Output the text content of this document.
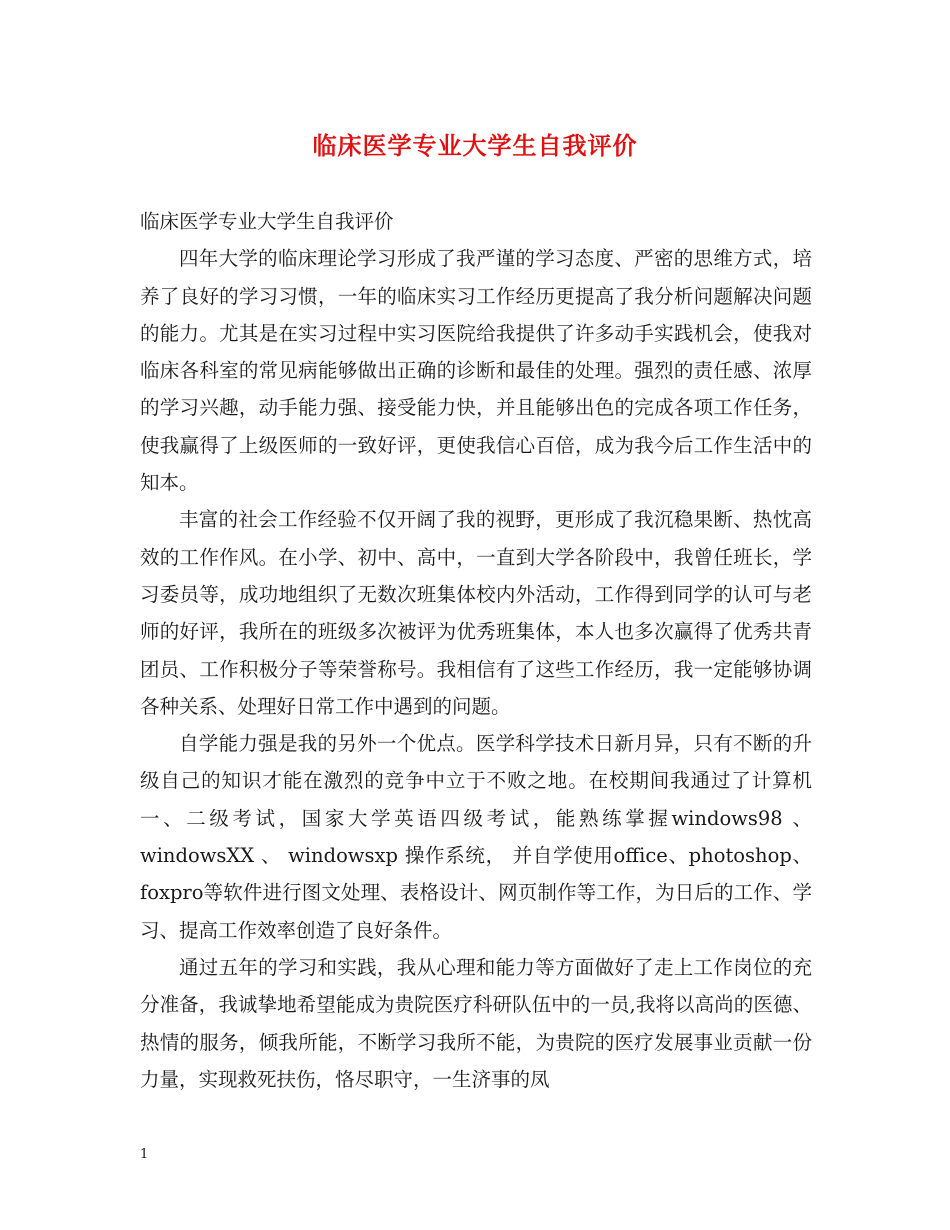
临床医学专业大学生自我评价

临床医学专业大学生自我评价

四年大学的临床理论学习形成了我严谨的学习态度、严密的思维方式，培养了良好的学习习惯，一年的临床实习工作经历更提高了我分析问题解决问题的能力。尤其是在实习过程中实习医院给我提供了许多动手实践机会，使我对临床各科室的常见病能够做出正确的诊断和最佳的处理。强烈的责任感、浓厚的学习兴趣，动手能力强、接受能力快，并且能够出色的完成各项工作任务，使我赢得了上级医师的一致好评，更使我信心百倍，成为我今后工作生活中的知本。

丰富的社会工作经验不仅开阔了我的视野，更形成了我沉稳果断、热忱高效的工作作风。在小学、初中、高中，一直到大学各阶段中，我曾任班长，学习委员等，成功地组织了无数次班集体校内外活动，工作得到同学的认可与老师的好评，我所在的班级多次被评为优秀班集体，本人也多次赢得了优秀共青团员、工作积极分子等荣誉称号。我相信有了这些工作经历，我一定能够协调各种关系、处理好日常工作中遇到的问题。

自学能力强是我的另外一个优点。医学科学技术日新月异，只有不断的升级自己的知识才能在激烈的竞争中立于不败之地。在校期间我通过了计算机一、二级考试，国家大学英语四级考试，能熟练掌握windows98 、 windowsXX 、 windowsxp 操作系统， 并自学使用office、photoshop、foxpro等软件进行图文处理、表格设计、网页制作等工作，为日后的工作、学习、提高工作效率创造了良好条件。

通过五年的学习和实践，我从心理和能力等方面做好了走上工作岗位的充分准备，我诚挚地希望能成为贵院医疗科研队伍中的一员,我将以高尚的医德、热情的服务，倾我所能，不断学习我所不能，为贵院的医疗发展事业贡献一份力量，实现救死扶伤，恪尽职守，一生济事的凤

1
